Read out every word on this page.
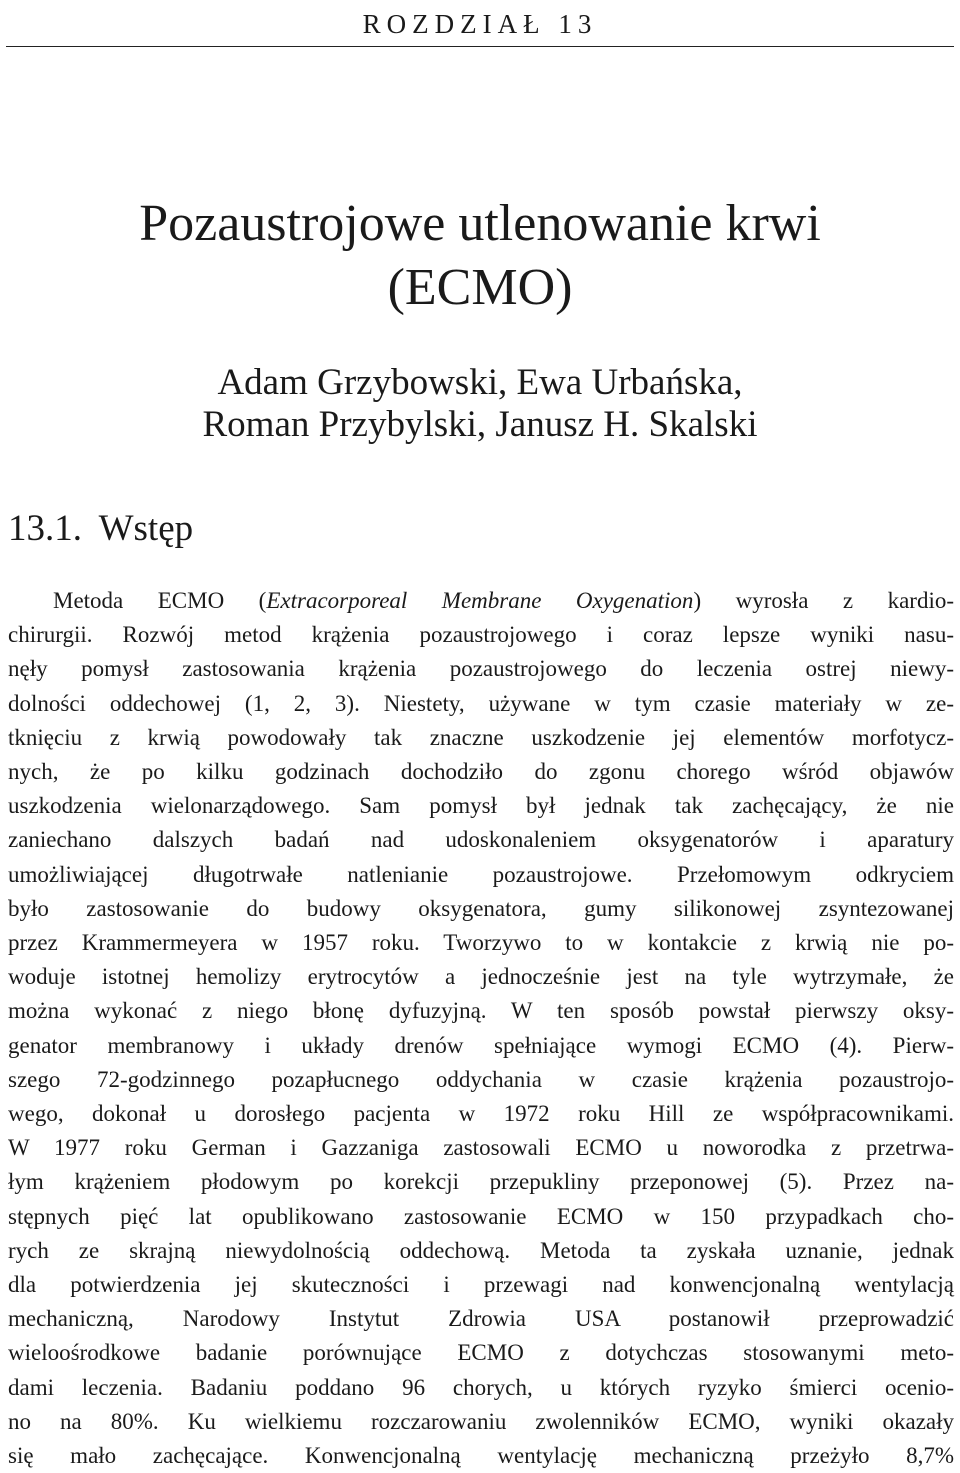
ROZDZIAŁ 13
Pozaustrojowe utlenowanie krwi
(ECMO)
Adam Grzybowski, Ewa Urbańska,
Roman Przybylski, Janusz H. Skalski
13.1. Wstęp
Metoda ECMO (Extracorporeal Membrane Oxygenation) wyrosła z kardio-
chirurgii. Rozwój metod krążenia pozaustrojowego i coraz lepsze wyniki nasu-
nęły pomysł zastosowania krążenia pozaustrojowego do leczenia ostrej niewy-
dolności oddechowej (1, 2, 3). Niestety, używane w tym czasie materiały w ze-
tknięciu z krwią powodowały tak znaczne uszkodzenie jej elementów morfotycz-
nych, że po kilku godzinach dochodziło do zgonu chorego wśród objawów
uszkodzenia wielonarządowego. Sam pomysł był jednak tak zachęcający, że nie
zaniechano dalszych badań nad udoskonaleniem oksygenatorów i aparatury
umożliwiającej długotrwałe natlenianie pozaustrojowe. Przełomowym odkryciem
było zastosowanie do budowy oksygenatora, gumy silikonowej zsyntezowanej
przez Krammermeyera w 1957 roku. Tworzywo to w kontakcie z krwią nie po-
woduje istotnej hemolizy erytrocytów a jednocześnie jest na tyle wytrzymałe, że
można wykonać z niego błonę dyfuzyjną. W ten sposób powstał pierwszy oksy-
genator membranowy i układy drenów spełniające wymogi ECMO (4). Pierw-
szego 72-godzinnego pozapłucnego oddychania w czasie krążenia pozaustrojo-
wego, dokonał u dorosłego pacjenta w 1972 roku Hill ze współpracownikami.
W 1977 roku German i Gazzaniga zastosowali ECMO u noworodka z przetrwa-
łym krążeniem płodowym po korekcji przepukliny przeponowej (5). Przez na-
stępnych pięć lat opublikowano zastosowanie ECMO w 150 przypadkach cho-
rych ze skrajną niewydolnością oddechową. Metoda ta zyskała uznanie, jednak
dla potwierdzenia jej skuteczności i przewagi nad konwencjonalną wentylacją
mechaniczną, Narodowy Instytut Zdrowia USA postanowił przeprowadzić
wieloośrodkowe badanie porównujące ECMO z dotychczas stosowanymi meto-
dami leczenia. Badaniu poddano 96 chorych, u których ryzyko śmierci ocenio-
no na 80%. Ku wielkiemu rozczarowaniu zwolenników ECMO, wyniki okazały
się mało zachęcające. Konwencjonalną wentylację mechaniczną przeżyło 8,7%
